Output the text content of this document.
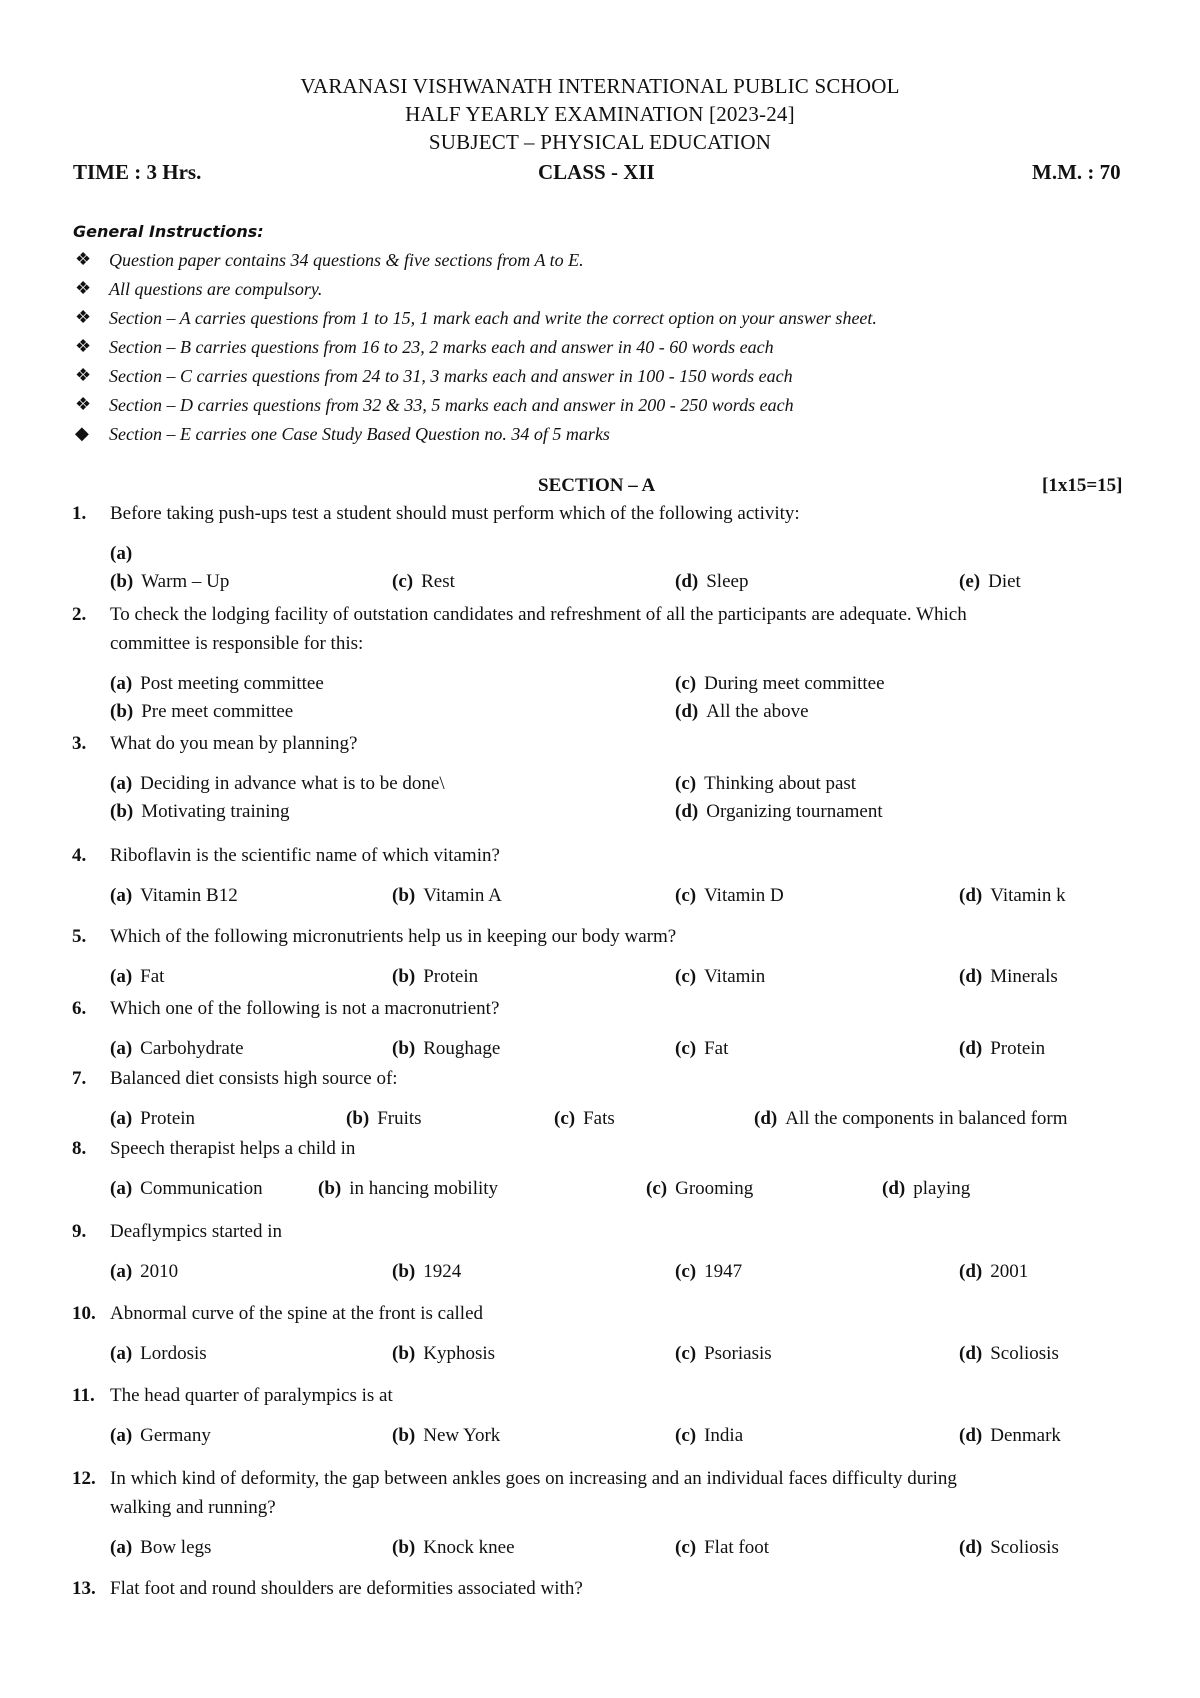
VARANASI VISHWANATH INTERNATIONAL PUBLIC SCHOOL
HALF YEARLY EXAMINATION [2023-24]
SUBJECT – PHYSICAL EDUCATION
TIME : 3 Hrs.	CLASS - XII	M.M. : 70
General Instructions:
❖ Question paper contains 34 questions & five sections from A to E.
❖ All questions are compulsory.
❖ Section – A carries questions from 1 to 15, 1 mark each and write the correct option on your answer sheet.
❖ Section – B carries questions from 16 to 23, 2 marks each and answer in 40 - 60 words each
❖ Section – C carries questions from 24 to 31, 3 marks each and answer in 100 - 150 words each
❖ Section – D carries questions from 32 & 33, 5 marks each and answer in 200 - 250 words each
◆ Section – E carries one Case Study Based Question no. 34 of 5 marks
SECTION – A	[1x15=15]
1. Before taking push-ups test a student should must perform which of the following activity:
(a)
(b) Warm – Up	(c) Rest	(d) Sleep	(e) Diet
2. To check the lodging facility of outstation candidates and refreshment of all the participants are adequate. Which
committee is responsible for this:
(a) Post meeting committee	(c) During meet committee
(b) Pre meet committee	(d) All the above
3. What do you mean by planning?
(a) Deciding in advance what is to be done\	(c) Thinking about past
(b) Motivating training	(d) Organizing tournament
4. Riboflavin is the scientific name of which vitamin?
(a) Vitamin B12	(b) Vitamin A	(c) Vitamin D	(d) Vitamin k
5. Which of the following micronutrients help us in keeping our body warm?
(a) Fat	(b) Protein	(c) Vitamin	(d) Minerals
6. Which one of the following is not a macronutrient?
(a) Carbohydrate	(b) Roughage	(c) Fat	(d) Protein
7. Balanced diet consists high source of:
(a) Protein	(b) Fruits	(c) Fats	(d) All the components in balanced form
8. Speech therapist helps a child in
(a) Communication	(b) in hancing mobility	(c) Grooming	(d) playing
9. Deaflympics started in
(a) 2010	(b) 1924	(c) 1947	(d) 2001
10. Abnormal curve of the spine at the front is called
(a) Lordosis	(b) Kyphosis	(c) Psoriasis	(d) Scoliosis
11. The head quarter of paralympics is at
(a) Germany	(b) New York	(c) India	(d) Denmark
12. In which kind of deformity, the gap between ankles goes on increasing and an individual faces difficulty during
walking and running?
(a) Bow legs	(b) Knock knee	(c) Flat foot	(d) Scoliosis
13. Flat foot and round shoulders are deformities associated with?
